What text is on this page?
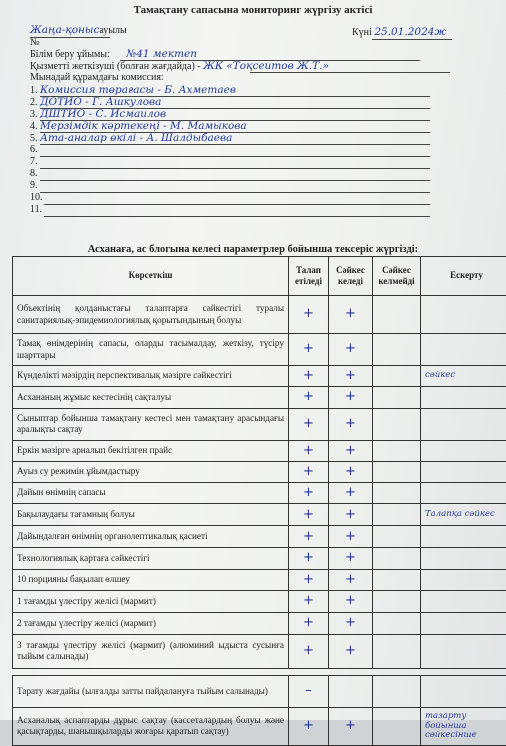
Тамақтану сапасына мониторинг жүргізу актісі
Жаңа-қонысауылы	Күні 25.01.2024ж
№
Білім беру ұйымы: №41 мектеп
Қызметті жеткізуші (болған жағдайда) - ЖК «Тоқсеитов Ж.Т.»
Мынадай құрамдағы комиссия:
1. Комиссия төрағасы - Б. Ахметаев
2. ДОТИО - Г. Ашкулова
3. ДШТИО - С. Исмаилов
4. Мерзімдік кәртекеңі - М. Мамыкова
5. Ата-аналар өкілі - А. Шалдыбаева
6.
7.
8.
9.
10.
11.
Асханаға, ас блогына келесі параметрлер бойынша тексеріс жүргізді:
Көрсеткіш	Талап етіледі	Сәйкес келеді	Сәйкес келмейді	Ескерту
Объектінің қолданыстағы талаптарға сәйкестігі туралы санитариялық-эпидемиологиялық қорытындының болуы	+	+		
Тамақ өнімдерінің сапасы, оларды тасымалдау, жеткізу, түсіру шарттары	+	+		
Күнделікті мәзірдің перспективалық мәзірге сәйкестігі	+	+		сәйкес
Асхананың жұмыс кестесінің сақталуы	+	+		
Сыныптар бойынша тамақтану кестесі мен тамақтану арасындағы аралықты сақтау	+	+		
Еркін мәзірге арналып бекітілген прайс	+	+		
Ауыз су режимін ұйымдастыру	+	+		
Дайын өнімнің сапасы	+	+		
Бақылаудағы тағамның болуы	+	+		Талапқа сәйкес
Дайындалған өнімнің органолептикалық қасиеті	+	+		
Технологиялық картаға сәйкестігі	+	+		
10 порцияны бақылап өлшеу	+	+		
1 тағамды үлестіру желісі (мармит)	+	+		
2 тағамды үлестіру желісі (мармит)	+	+		
3 тағамды үлестіру желісі (мармит) (алюминий ыдыста сусынға тыйым салынады)	+	+		

Тарату жағдайы (ылғалды затты пайдалануға тыйым салынады)	–			
Асханалық аспаптарды дұрыс сақтау (кассеталардың болуы және қасықтарды, шанышқыларды жоғары қаратып сақтау)	+	+		тазарту бойынша сәйкесінше
